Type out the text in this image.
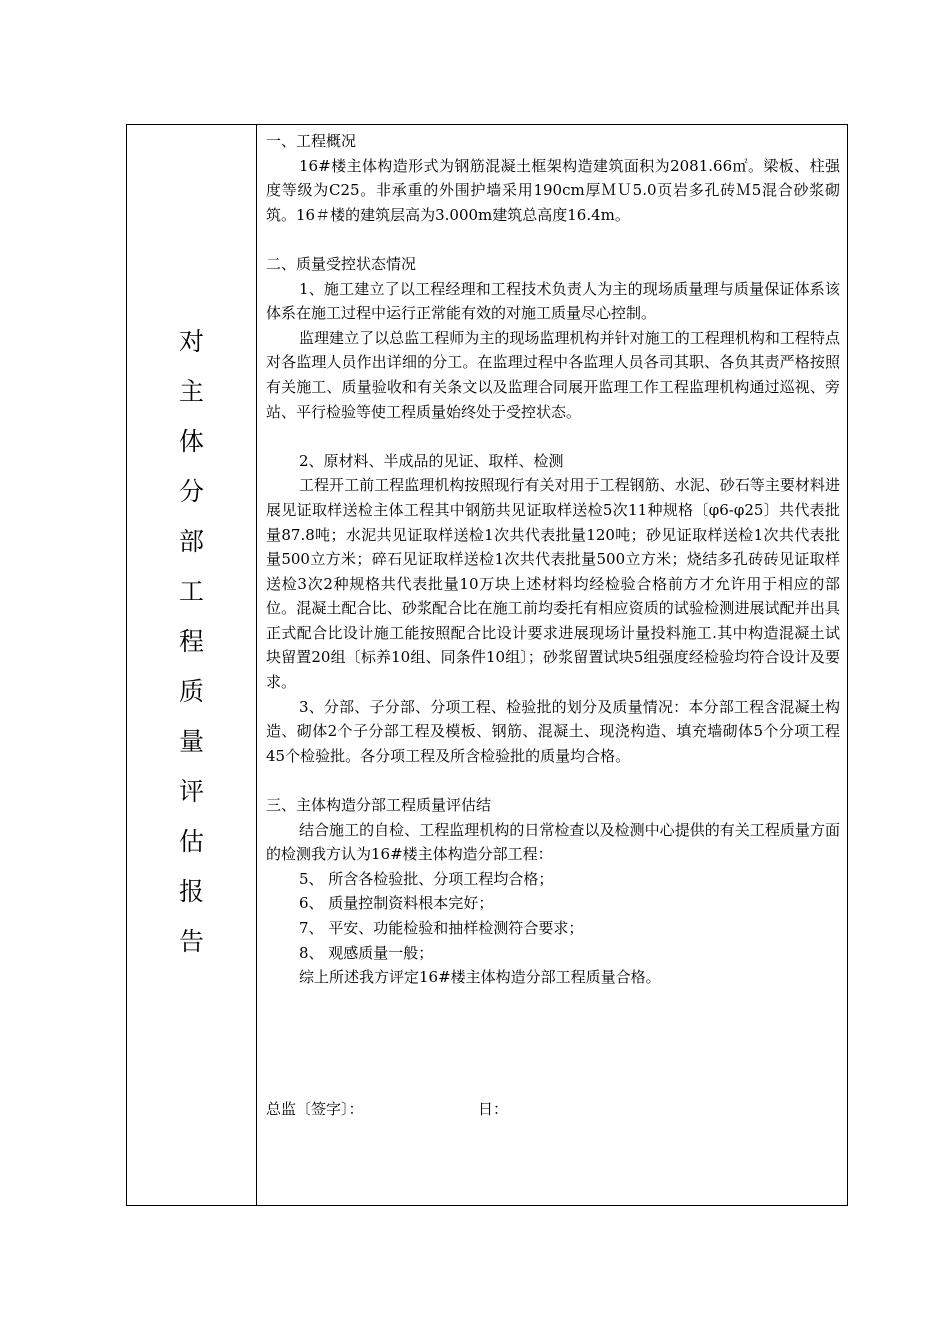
对
主
体
分
部
工
程
质
量
评
估
报
告

一、工程概况

16#楼主体构造形式为钢筋混凝土框架构造建筑面积为2081.66㎡。梁板、柱强度等级为C25。非承重的外围护墙采用190cm厚ＭＵ5.0页岩多孔砖Ｍ5混合砂浆砌筑。16＃楼的建筑层高为3.000m建筑总高度16.4m。

二、质量受控状态情况

1、施工建立了以工程经理和工程技术负责人为主的现场质量理与质量保证体系该体系在施工过程中运行正常能有效的对施工质量尽心控制。

监理建立了以总监工程师为主的现场监理机构并针对施工的工程理机构和工程特点对各监理人员作出详细的分工。在监理过程中各监理人员各司其职、各负其责严格按照有关施工、质量验收和有关条文以及监理合同展开监理工作工程监理机构通过巡视、旁站、平行检验等使工程质量始终处于受控状态。

2、原材料、半成品的见证、取样、检测

工程开工前工程监理机构按照现行有关对用于工程钢筋、水泥、砂石等主要材料进展见证取样送检主体工程其中钢筋共见证取样送检5次11种规格〔φ6-φ25〕共代表批量87.8吨；水泥共见证取样送检1次共代表批量120吨；砂见证取样送检1次共代表批量500立方米；碎石见证取样送检1次共代表批量500立方米；烧结多孔砖砖见证取样送检3次2种规格共代表批量10万块上述材料均经检验合格前方才允许用于相应的部位。混凝土配合比、砂浆配合比在施工前均委托有相应资质的试验检测进展试配并出具正式配合比设计施工能按照配合比设计要求进展现场计量投料施工.其中构造混凝土试块留置20组〔标养10组、同条件10组〕；砂浆留置试块5组强度经检验均符合设计及要求。

3、分部、子分部、分项工程、检验批的划分及质量情况：本分部工程含混凝土构造、砌体2个子分部工程及模板、钢筋、混凝土、现浇构造、填充墙砌体5个分项工程45个检验批。各分项工程及所含检验批的质量均合格。

三、主体构造分部工程质量评估结

结合施工的自检、工程监理机构的日常检查以及检测中心提供的有关工程质量方面的检测我方认为16#楼主体构造分部工程：

5、 所含各检验批、分项工程均合格；

6、 质量控制资料根本完好；

7、 平安、功能检验和抽样检测符合要求；

8、 观感质量一般；

综上所述我方评定16#楼主体构造分部工程质量合格。

总监〔签字〕：	日：
